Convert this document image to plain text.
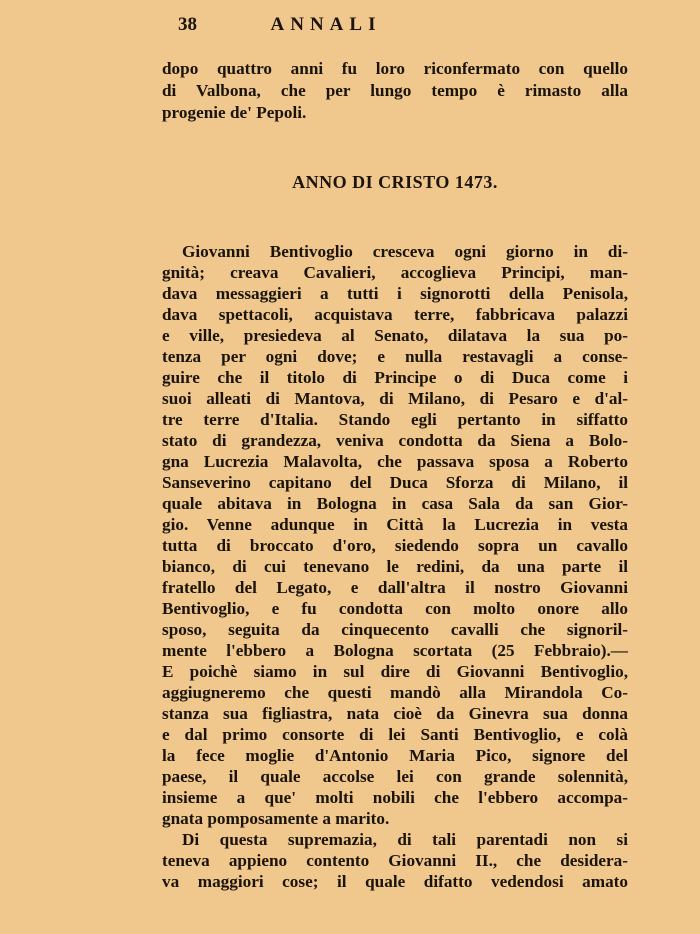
38	ANNALI
dopo quattro anni fu loro riconfermato con quello
di Valbona, che per lungo tempo è rimasto alla
progenie de' Pepoli.
ANNO DI CRISTO 1473.
Giovanni Bentivoglio cresceva ogni giorno in di-
gnità; creava Cavalieri, accoglieva Principi, man-
dava messaggieri a tutti i signorotti della Penisola,
dava spettacoli, acquistava terre, fabbricava palazzi
e ville, presiedeva al Senato, dilatava la sua po-
tenza per ogni dove; e nulla restavagli a conse-
guire che il titolo di Principe o di Duca come i
suoi alleati di Mantova, di Milano, di Pesaro e d'al-
tre terre d'Italia. Stando egli pertanto in siffatto
stato di grandezza, veniva condotta da Siena a Bolo-
gna Lucrezia Malavolta, che passava sposa a Roberto
Sanseverino capitano del Duca Sforza di Milano, il
quale abitava in Bologna in casa Sala da san Gior-
gio. Venne adunque in Città la Lucrezia in vesta
tutta di broccato d'oro, siedendo sopra un cavallo
bianco, di cui tenevano le redini, da una parte il
fratello del Legato, e dall'altra il nostro Giovanni
Bentivoglio, e fu condotta con molto onore allo
sposo, seguita da cinquecento cavalli che signoril-
mente l'ebbero a Bologna scortata (25 Febbraio).—
E poichè siamo in sul dire di Giovanni Bentivoglio,
aggiugneremo che questi mandò alla Mirandola Co-
stanza sua figliastra, nata cioè da Ginevra sua donna
e dal primo consorte di lei Santi Bentivoglio, e colà
la fece moglie d'Antonio Maria Pico, signore del
paese, il quale accolse lei con grande solennità,
insieme a que' molti nobili che l'ebbero accompa-
gnata pomposamente a marito.
Di questa supremazia, di tali parentadi non si
teneva appieno contento Giovanni II., che desidera-
va maggiori cose; il quale difatto vedendosi amato
